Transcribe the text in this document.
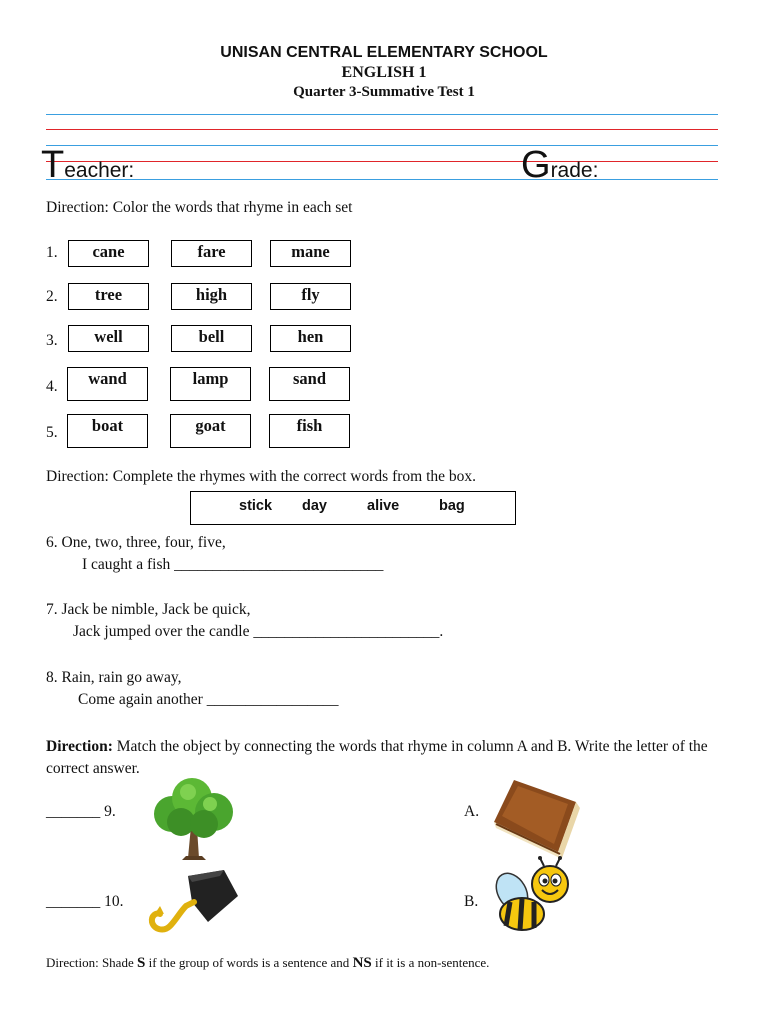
UNISAN CENTRAL ELEMENTARY SCHOOL
ENGLISH 1
Quarter 3-Summative Test 1
Teacher:	Grade:
Direction: Color the words that rhyme in each set
1.	cane	fare	mane
2.	tree	high	fly
3.	well	bell	hen
4.	wand	lamp	sand
5.	boat	goat	fish
Direction: Complete the rhymes with the correct words from the box.
stick day	alive	bag
6. One, two, three, four, five,
I caught a fish ___________________________
7. Jack be nimble, Jack be quick,
Jack jumped over the candle ________________________.
8. Rain, rain go away,
Come again another _________________
Direction: Match the object by connecting the words that rhyme in column A and B. Write the letter of the correct answer.
_______ 9.
_______ 10.
A.
B.
Direction: Shade S if the group of words is a sentence and NS if it is a non-sentence.
